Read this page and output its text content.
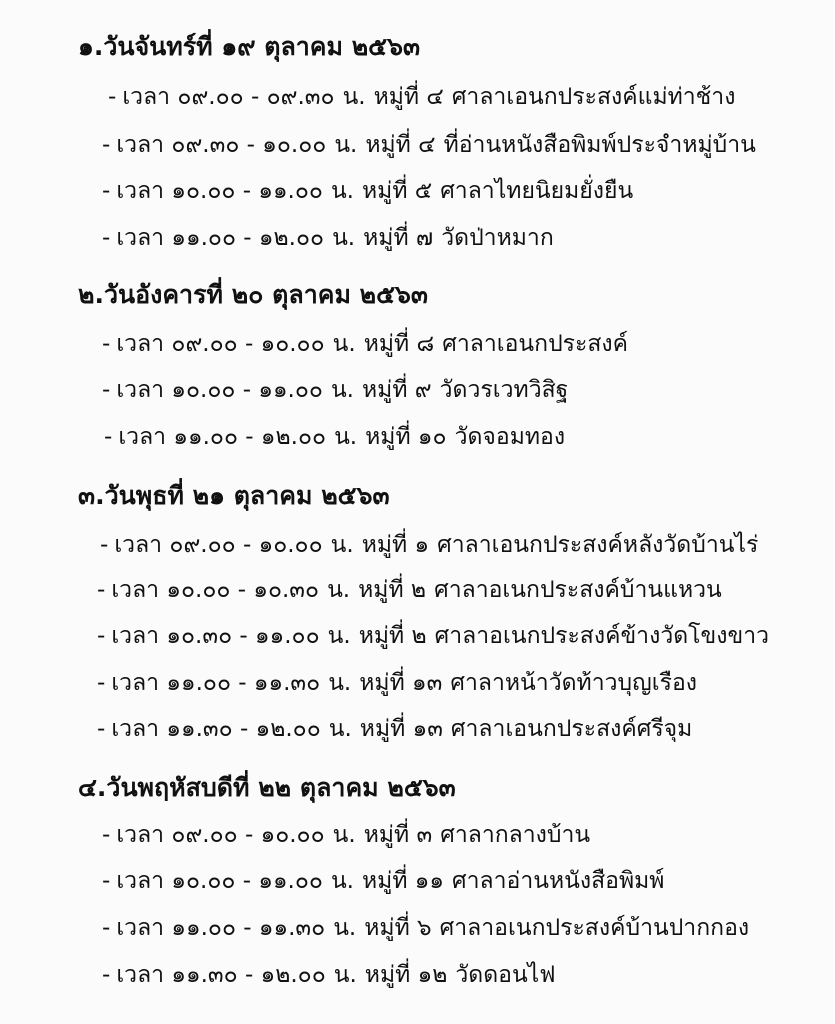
๑.วันจันทร์ที่ ๑๙ ตุลาคม ๒๕๖๓
- เวลา ๐๙.๐๐ - ๐๙.๓๐ น. หมู่ที่ ๔ ศาลาเอนกประสงค์แม่ท่าช้าง
- เวลา ๐๙.๓๐ - ๑๐.๐๐ น. หมู่ที่ ๔ ที่อ่านหนังสือพิมพ์ประจำหมู่บ้าน
- เวลา ๑๐.๐๐ - ๑๑.๐๐ น. หมู่ที่ ๕ ศาลาไทยนิยมยั่งยืน
- เวลา ๑๑.๐๐ - ๑๒.๐๐ น. หมู่ที่ ๗ วัดป่าหมาก
๒.วันอังคารที่ ๒๐ ตุลาคม ๒๕๖๓
- เวลา ๐๙.๐๐ - ๑๐.๐๐ น. หมู่ที่ ๘ ศาลาเอนกประสงค์
- เวลา ๑๐.๐๐ - ๑๑.๐๐ น. หมู่ที่ ๙ วัดวรเวทวิสิฐ
- เวลา ๑๑.๐๐ - ๑๒.๐๐ น. หมู่ที่ ๑๐ วัดจอมทอง
๓.วันพุธที่ ๒๑ ตุลาคม ๒๕๖๓
- เวลา ๐๙.๐๐ - ๑๐.๐๐ น. หมู่ที่ ๑ ศาลาเอนกประสงค์หลังวัดบ้านไร่
- เวลา ๑๐.๐๐ - ๑๐.๓๐ น. หมู่ที่ ๒ ศาลาอเนกประสงค์บ้านแหวน
- เวลา ๑๐.๓๐ - ๑๑.๐๐ น. หมู่ที่ ๒ ศาลาอเนกประสงค์ข้างวัดโขงขาว
- เวลา ๑๑.๐๐ - ๑๑.๓๐ น. หมู่ที่ ๑๓ ศาลาหน้าวัดท้าวบุญเรือง
- เวลา ๑๑.๓๐ - ๑๒.๐๐ น. หมู่ที่ ๑๓ ศาลาเอนกประสงค์ศรีจุม
๔.วันพฤหัสบดีที่ ๒๒ ตุลาคม ๒๕๖๓
- เวลา ๐๙.๐๐ - ๑๐.๐๐ น. หมู่ที่ ๓ ศาลากลางบ้าน
- เวลา ๑๐.๐๐ - ๑๑.๐๐ น. หมู่ที่ ๑๑ ศาลาอ่านหนังสือพิมพ์
- เวลา ๑๑.๐๐ - ๑๑.๓๐ น. หมู่ที่ ๖ ศาลาอเนกประสงค์บ้านปากกอง
- เวลา ๑๑.๓๐ - ๑๒.๐๐ น. หมู่ที่ ๑๒ วัดดอนไฟ
